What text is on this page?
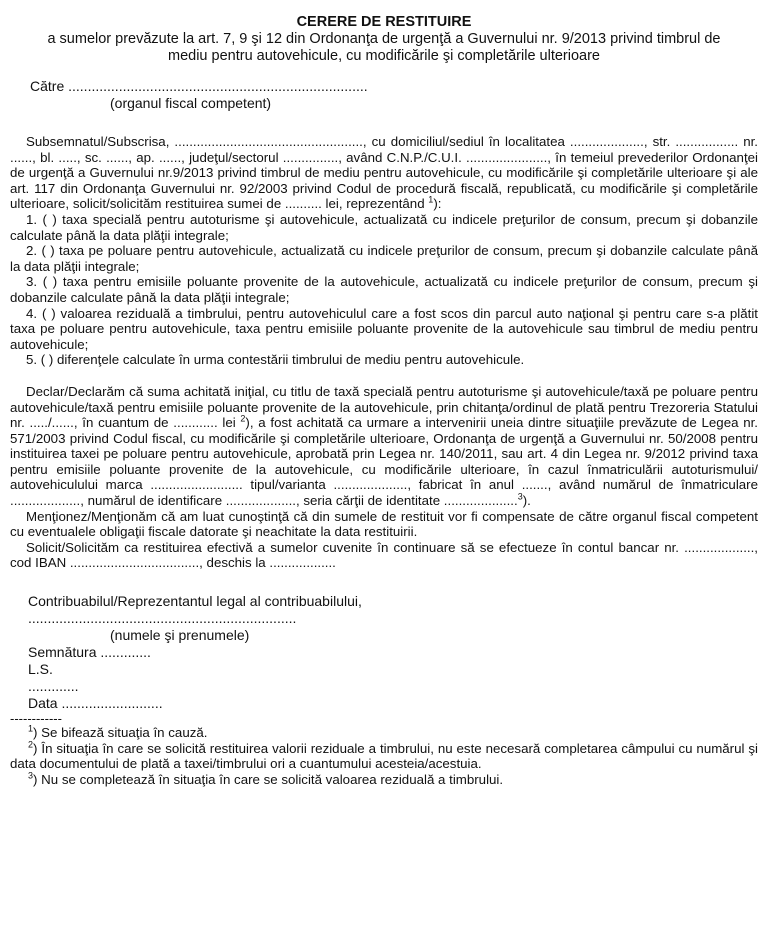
CERERE DE RESTITUIRE
a sumelor prevăzute la art. 7, 9 şi 12 din Ordonanţa de urgenţă a Guvernului nr. 9/2013 privind timbrul de mediu pentru autovehicule, cu modificările şi completările ulterioare
Către .............................................................................
(organul fiscal competent)

Subsemnatul/Subscrisa, ..................................................., cu domiciliul/sediul în localitatea ...................., str. ................. nr. ......, bl. ....., sc. ......, ap. ......, judeţul/sectorul ..............., având C.N.P./C.U.I. ......................, în temeiul prevederilor Ordonanţei de urgenţă a Guvernului nr.9/2013 privind timbrul de mediu pentru autovehicule, cu modificările şi completările ulterioare şi ale art. 117 din Ordonanţa Guvernului nr. 92/2003 privind Codul de procedură fiscală, republicată, cu modificările şi completările ulterioare, solicit/solicităm restituirea sumei de .......... lei, reprezentând $^1$):

1. ( ) taxa specială pentru autoturisme şi autovehicule, actualizată cu indicele preţurilor de consum, precum şi dobanzile calculate până la data plăţii integrale;

2. ( ) taxa pe poluare pentru autovehicule, actualizată cu indicele preţurilor de consum, precum şi dobanzile calculate până la data plăţii integrale;

3. ( ) taxa pentru emisiile poluante provenite de la autovehicule, actualizată cu indicele preţurilor de consum, precum şi dobanzile calculate până la data plăţii integrale;

4. ( ) valoarea reziduală a timbrului, pentru autovehiculul care a fost scos din parcul auto naţional şi pentru care s-a plătit taxa pe poluare pentru autovehicule, taxa pentru emisiile poluante provenite de la autovehicule sau timbrul de mediu pentru autovehicule;

5. ( ) diferenţele calculate în urma contestării timbrului de mediu pentru autovehicule.

Declar/Declarăm că suma achitată iniţial, cu titlu de taxă specială pentru autoturisme şi autovehicule/taxă pe poluare pentru autovehicule/taxă pentru emisiile poluante provenite de la autovehicule, prin chitanţa/ordinul de plată pentru Trezoreria Statului nr. ...../......, în cuantum de ............ lei $^2$), a fost achitată ca urmare a intervenirii uneia dintre situaţiile prevăzute de Legea nr. 571/2003 privind Codul fiscal, cu modificările şi completările ulterioare, Ordonanţa de urgenţă a Guvernului nr. 50/2008 pentru instituirea taxei pe poluare pentru autovehicule, aprobată prin Legea nr. 140/2011, sau art. 4 din Legea nr. 9/2012 privind taxa pentru emisiile poluante provenite de la autovehicule, cu modificările ulterioare, în cazul înmatriculării autoturismului/ autovehiculului marca ......................... tipul/varianta ...................., fabricat în anul ......., având numărul de înmatriculare ..................., numărul de identificare ..................., seria cărţii de identitate ....................$^3$).

Menţionez/Menţionăm că am luat cunoştinţă că din sumele de restituit vor fi compensate de către organul fiscal competent cu eventualele obligaţii fiscale datorate şi neachitate la data restituirii.

Solicit/Solicităm ca restituirea efectivă a sumelor cuvenite în continuare să se efectueze în contul bancar nr. ..................., cod IBAN ..................................., deschis la ..................

Contribuabilul/Reprezentantul legal al contribuabilului,
.....................................................................
(numele şi prenumele)
Semnătura .............
L.S.
.............
Data ..........................
------------

$^1$) Se bifează situaţia în cauză.

$^2$) În situaţia în care se solicită restituirea valorii reziduale a timbrului, nu este necesară completarea câmpului cu numărul şi data documentului de plată a taxei/timbrului ori a cuantumului acesteia/acestuia.

$^3$) Nu se completează în situaţia în care se solicită valoarea reziduală a timbrului.
